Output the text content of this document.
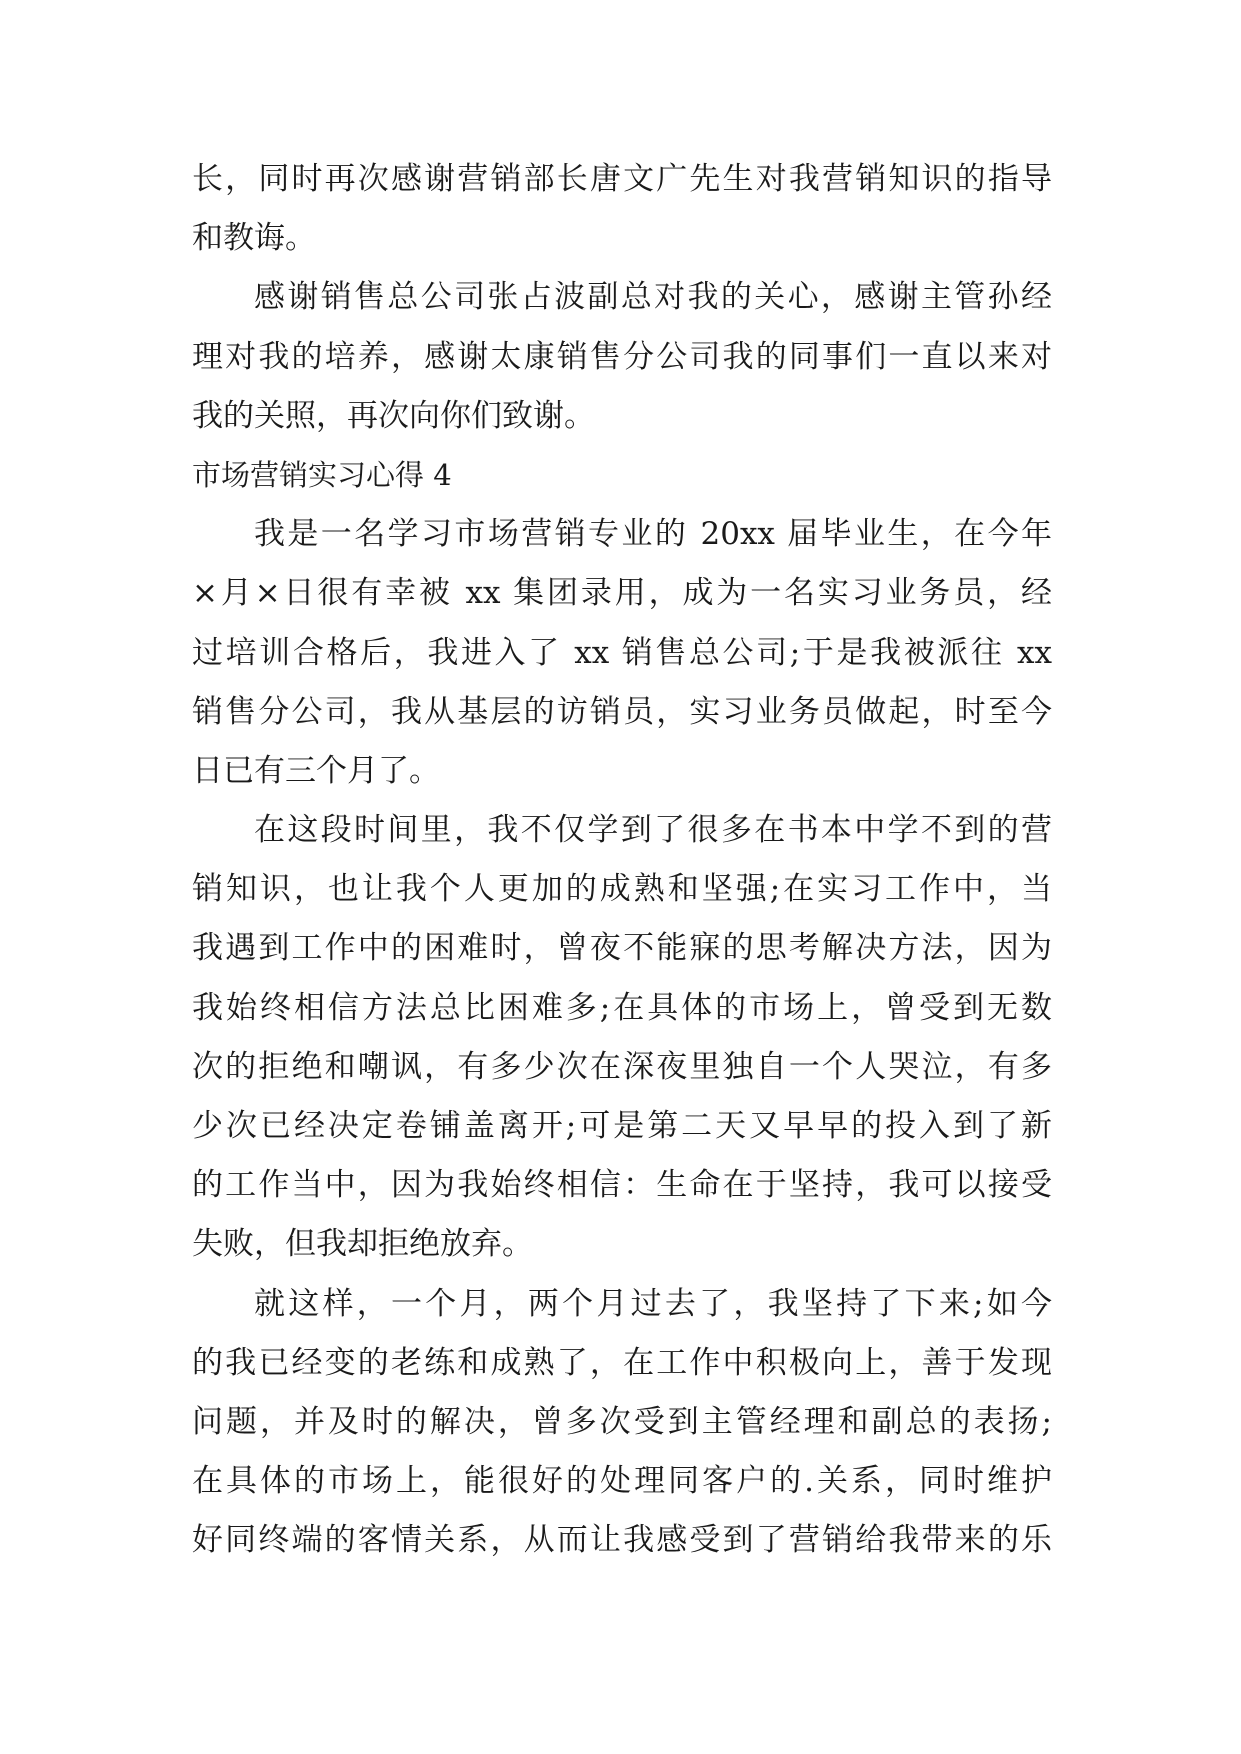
长，同时再次感谢营销部长唐文广先生对我营销知识的指导
和教诲。
感谢销售总公司张占波副总对我的关心，感谢主管孙经
理对我的培养，感谢太康销售分公司我的同事们一直以来对
我的关照，再次向你们致谢。
市场营销实习心得 4
我是一名学习市场营销专业的 20xx 届毕业生，在今年
×月×日很有幸被 xx 集团录用，成为一名实习业务员，经
过培训合格后，我进入了 xx 销售总公司;于是我被派往 xx
销售分公司，我从基层的访销员，实习业务员做起，时至今
日已有三个月了。
在这段时间里，我不仅学到了很多在书本中学不到的营
销知识，也让我个人更加的成熟和坚强;在实习工作中，当
我遇到工作中的困难时，曾夜不能寐的思考解决方法，因为
我始终相信方法总比困难多;在具体的市场上，曾受到无数
次的拒绝和嘲讽，有多少次在深夜里独自一个人哭泣，有多
少次已经决定卷铺盖离开;可是第二天又早早的投入到了新
的工作当中，因为我始终相信：生命在于坚持，我可以接受
失败，但我却拒绝放弃。
就这样，一个月，两个月过去了，我坚持了下来;如今
的我已经变的老练和成熟了，在工作中积极向上，善于发现
问题，并及时的解决，曾多次受到主管经理和副总的表扬;
在具体的市场上，能很好的处理同客户的.关系，同时维护
好同终端的客情关系，从而让我感受到了营销给我带来的乐
